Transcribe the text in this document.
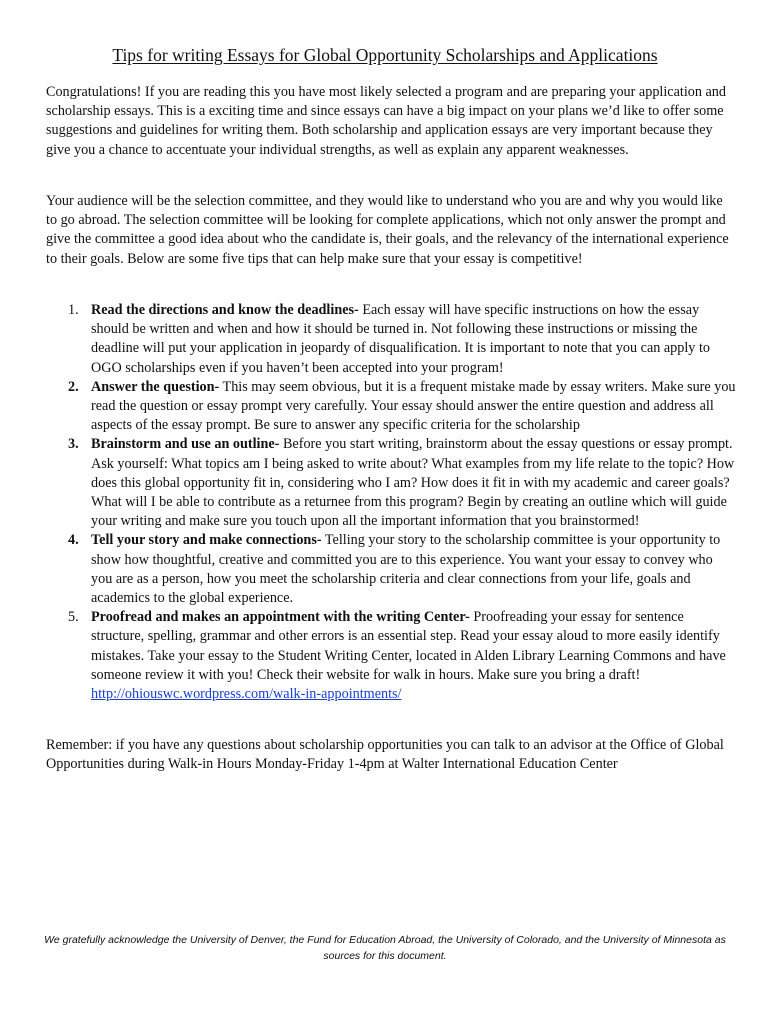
Tips for writing Essays for Global Opportunity Scholarships and Applications

Congratulations! If you are reading this you have most likely selected a program and are preparing your application and scholarship essays. This is a exciting time and since essays can have a big impact on your plans we’d like to offer some suggestions and guidelines for writing them. Both scholarship and application essays are very important because they give you a chance to accentuate your individual strengths, as well as explain any apparent weaknesses.

Your audience will be the selection committee, and they would like to understand who you are and why you would like to go abroad. The selection committee will be looking for complete applications, which not only answer the prompt and give the committee a good idea about who the candidate is, their goals, and the relevancy of the international experience to their goals. Below are some five tips that can help make sure that your essay is competitive!

1. Read the directions and know the deadlines- Each essay will have specific instructions on how the essay should be written and when and how it should be turned in. Not following these instructions or missing the deadline will put your application in jeopardy of disqualification. It is important to note that you can apply to OGO scholarships even if you haven’t been accepted into your program!
2. Answer the question- This may seem obvious, but it is a frequent mistake made by essay writers. Make sure you read the question or essay prompt very carefully. Your essay should answer the entire question and address all aspects of the essay prompt. Be sure to answer any specific criteria for the scholarship
3. Brainstorm and use an outline- Before you start writing, brainstorm about the essay questions or essay prompt. Ask yourself: What topics am I being asked to write about? What examples from my life relate to the topic? How does this global opportunity fit in, considering who I am? How does it fit in with my academic and career goals? What will I be able to contribute as a returnee from this program? Begin by creating an outline which will guide your writing and make sure you touch upon all the important information that you brainstormed!
4. Tell your story and make connections- Telling your story to the scholarship committee is your opportunity to show how thoughtful, creative and committed you are to this experience. You want your essay to convey who you are as a person, how you meet the scholarship criteria and clear connections from your life, goals and academics to the global experience.
5. Proofread and makes an appointment with the writing Center- Proofreading your essay for sentence structure, spelling, grammar and other errors is an essential step. Read your essay aloud to more easily identify mistakes. Take your essay to the Student Writing Center, located in Alden Library Learning Commons and have someone review it with you! Check their website for walk in hours. Make sure you bring a draft! http://ohiouswc.wordpress.com/walk-in-appointments/

Remember: if you have any questions about scholarship opportunities you can talk to an advisor at the Office of Global Opportunities during Walk-in Hours Monday-Friday 1-4pm at Walter International Education Center

We gratefully acknowledge the University of Denver, the Fund for Education Abroad, the University of Colorado, and the University of Minnesota as sources for this document.
